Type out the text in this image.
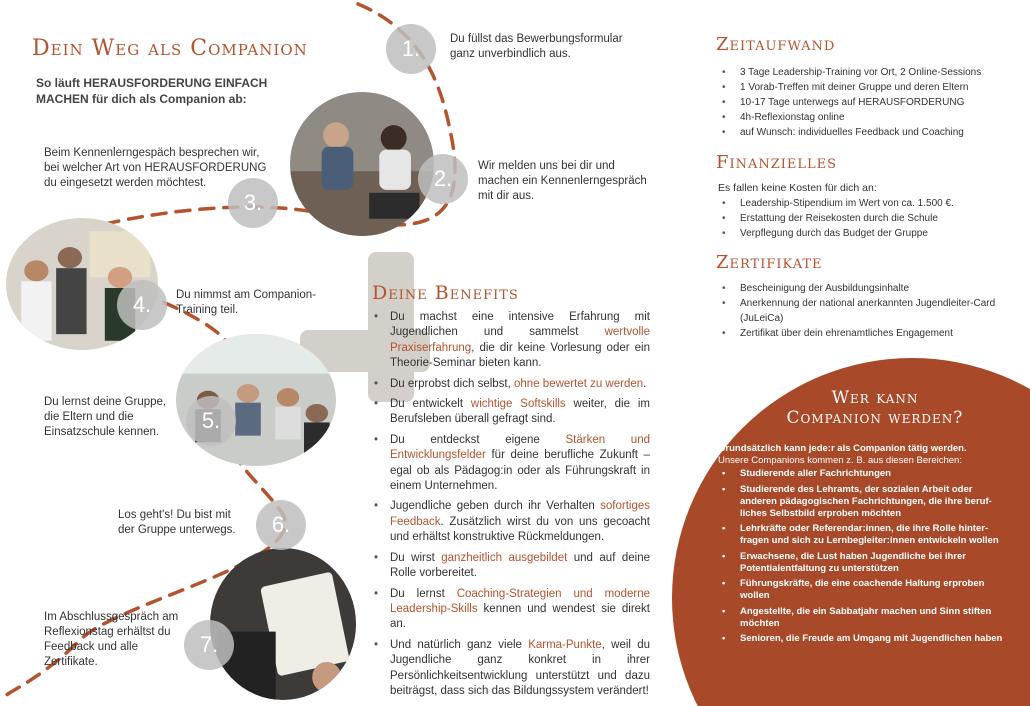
Dein Weg als Companion
So läuft HERAUSFORDERUNG EINFACH MACHEN für dich als Companion ab:
1.
2.
3.
4.
5.
6.
7.
Du füllst das Bewerbungsformular ganz unverbindlich aus.
Wir melden uns bei dir und machen ein Kennenlerngespräch mit dir aus.
Beim Kennenlerngespäch besprechen wir, bei welcher Art von HERAUSFORDERUNG du eingesetzt werden möchtest.
Du nimmst am Companion-Training teil.
Du lernst deine Gruppe, die Eltern und die Einsatzschule kennen.
Los geht's! Du bist mit der Gruppe unterwegs.
Im Abschlussgespräch am Reflexionstag erhältst du Feedback und alle Zertifikate.
Deine Benefits
• Du machst eine intensive Erfahrung mit Jugendlichen und sammelst wertvolle Praxiserfahrung, die dir keine Vorlesung oder ein Theorie-Seminar bieten kann.
• Du erprobst dich selbst, ohne bewertet zu werden.
• Du entwickelt wichtige Softskills weiter, die im Berufsleben überall gefragt sind.
• Du entdeckst eigene Stärken und Entwicklungsfelder für deine berufliche Zukunft – egal ob als Pädagog:in oder als Führungskraft in einem Unternehmen.
• Jugendliche geben durch ihr Verhalten sofortiges Feedback. Zusätzlich wirst du von uns gecoacht und erhältst konstruktive Rückmeldungen.
• Du wirst ganzheitlich ausgebildet und auf deine Rolle vorbereitet.
• Du lernst Coaching-Strategien und moderne Leadership-Skills kennen und wendest sie direkt an.
• Und natürlich ganz viele Karma-Punkte, weil du Jugendliche ganz konkret in ihrer Persönlichkeitsentwicklung unterstützt und dazu beiträgst, dass sich das Bildungssystem verändert!
Zeitaufwand
• 3 Tage Leadership-Training vor Ort, 2 Online-Sessions
• 1 Vorab-Treffen mit deiner Gruppe und deren Eltern
• 10-17 Tage unterwegs auf HERAUSFORDERUNG
• 4h-Reflexionstag online
• auf Wunsch: individuelles Feedback und Coaching
Finanzielles
Es fallen keine Kosten für dich an:
• Leadership-Stipendium im Wert von ca. 1.500 €.
• Erstattung der Reisekosten durch die Schule
• Verpflegung durch das Budget der Gruppe
Zertifikate
• Bescheinigung der Ausbildungsinhalte
• Anerkennung der national anerkannten Jugendleiter-Card (JuLeiCa)
• Zertifikat über dein ehrenamtliches Engagement
Wer kann
Companion werden?
Grundsätzlich kann jede:r als Companion tätig werden.
Unsere Companions kommen z. B. aus diesen Bereichen:
• Studierende aller Fachrichtungen
• Studierende des Lehramts, der sozialen Arbeit oder anderen pädagogischen Fachrichtungen, die ihre beruf-liches Selbstbild erproben möchten
• Lehrkräfte oder Referendar:innen, die ihre Rolle hinter-fragen und sich zu Lernbegleiter:innen entwickeln wollen
• Erwachsene, die Lust haben Jugendliche bei ihrer Potentialentfaltung zu unterstützen
• Führungskräfte, die eine coachende Haltung erproben wollen
• Angestellte, die ein Sabbatjahr machen und Sinn stiften möchten
• Senioren, die Freude am Umgang mit Jugendlichen haben
